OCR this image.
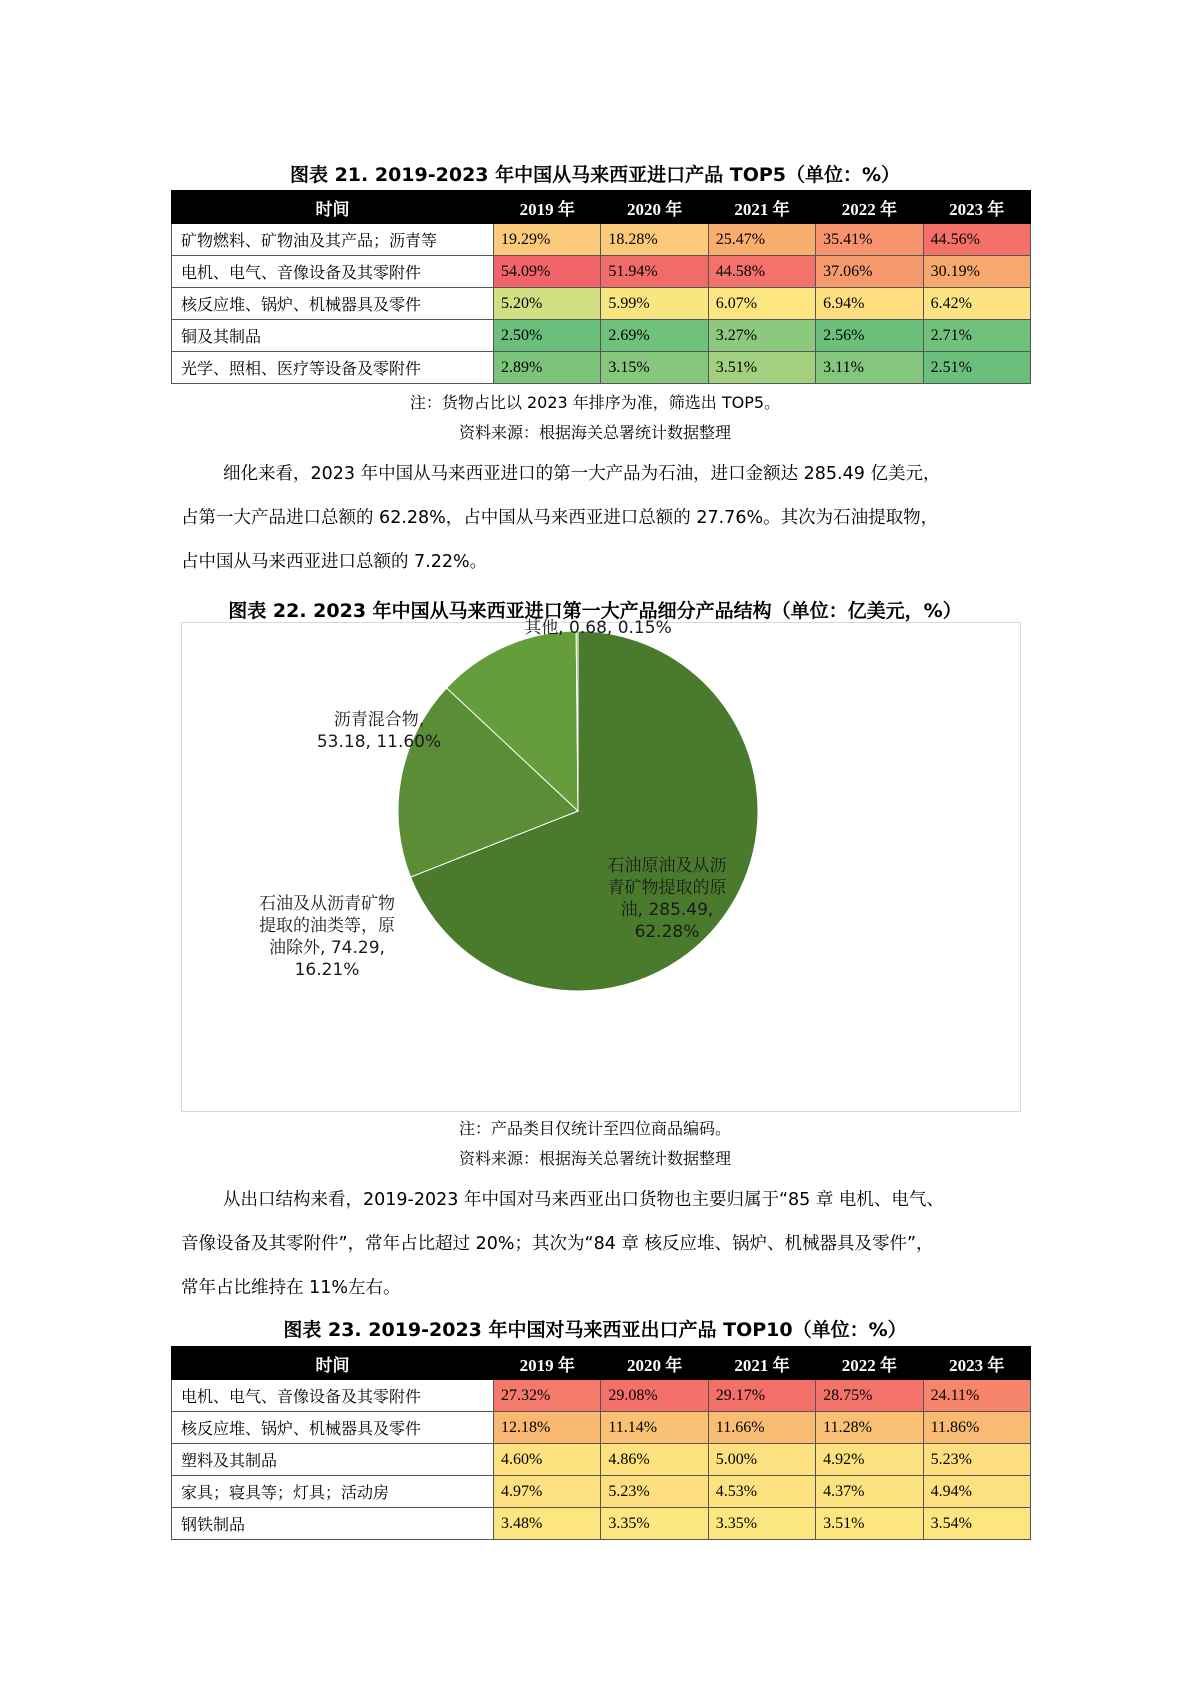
图表 21. 2019-2023 年中国从马来西亚进口产品 TOP5（单位：%）
时间	2019 年	2020 年	2021 年	2022 年	2023 年
矿物燃料、矿物油及其产品；沥青等	19.29%	18.28%	25.47%	35.41%	44.56%
电机、电气、音像设备及其零附件	54.09%	51.94%	44.58%	37.06%	30.19%
核反应堆、锅炉、机械器具及零件	5.20%	5.99%	6.07%	6.94%	6.42%
铜及其制品	2.50%	2.69%	3.27%	2.56%	2.71%
光学、照相、医疗等设备及零附件	2.89%	3.15%	3.51%	3.11%	2.51%
注：货物占比以 2023 年排序为准，筛选出 TOP5。
资料来源：根据海关总署统计数据整理

细化来看，2023 年中国从马来西亚进口的第一大产品为石油，进口金额达 285.49 亿美元，

占第一大产品进口总额的 62.28%，占中国从马来西亚进口总额的 27.76%。其次为石油提取物，

占中国从马来西亚进口总额的 7.22%。

图表 22. 2023 年中国从马来西亚进口第一大产品细分产品结构（单位：亿美元，%）
石油原油及从沥
青矿物提取的原
油, 285.49,
62.28%
石油及从沥青矿物
提取的油类等，原
油除外, 74.29,
16.21%
沥青混合物,
53.18, 11.60%
其他, 0.68, 0.15%
注：产品类目仅统计至四位商品编码。
资料来源：根据海关总署统计数据整理

从出口结构来看，2019-2023 年中国对马来西亚出口货物也主要归属于“85 章 电机、电气、

音像设备及其零附件”，常年占比超过 20%；其次为“84 章 核反应堆、锅炉、机械器具及零件”，

常年占比维持在 11%左右。

图表 23. 2019-2023 年中国对马来西亚出口产品 TOP10（单位：%）
时间	2019 年	2020 年	2021 年	2022 年	2023 年
电机、电气、音像设备及其零附件	27.32%	29.08%	29.17%	28.75%	24.11%
核反应堆、锅炉、机械器具及零件	12.18%	11.14%	11.66%	11.28%	11.86%
塑料及其制品	4.60%	4.86%	5.00%	4.92%	5.23%
家具；寝具等；灯具；活动房	4.97%	5.23%	4.53%	4.37%	4.94%
钢铁制品	3.48%	3.35%	3.35%	3.51%	3.54%
